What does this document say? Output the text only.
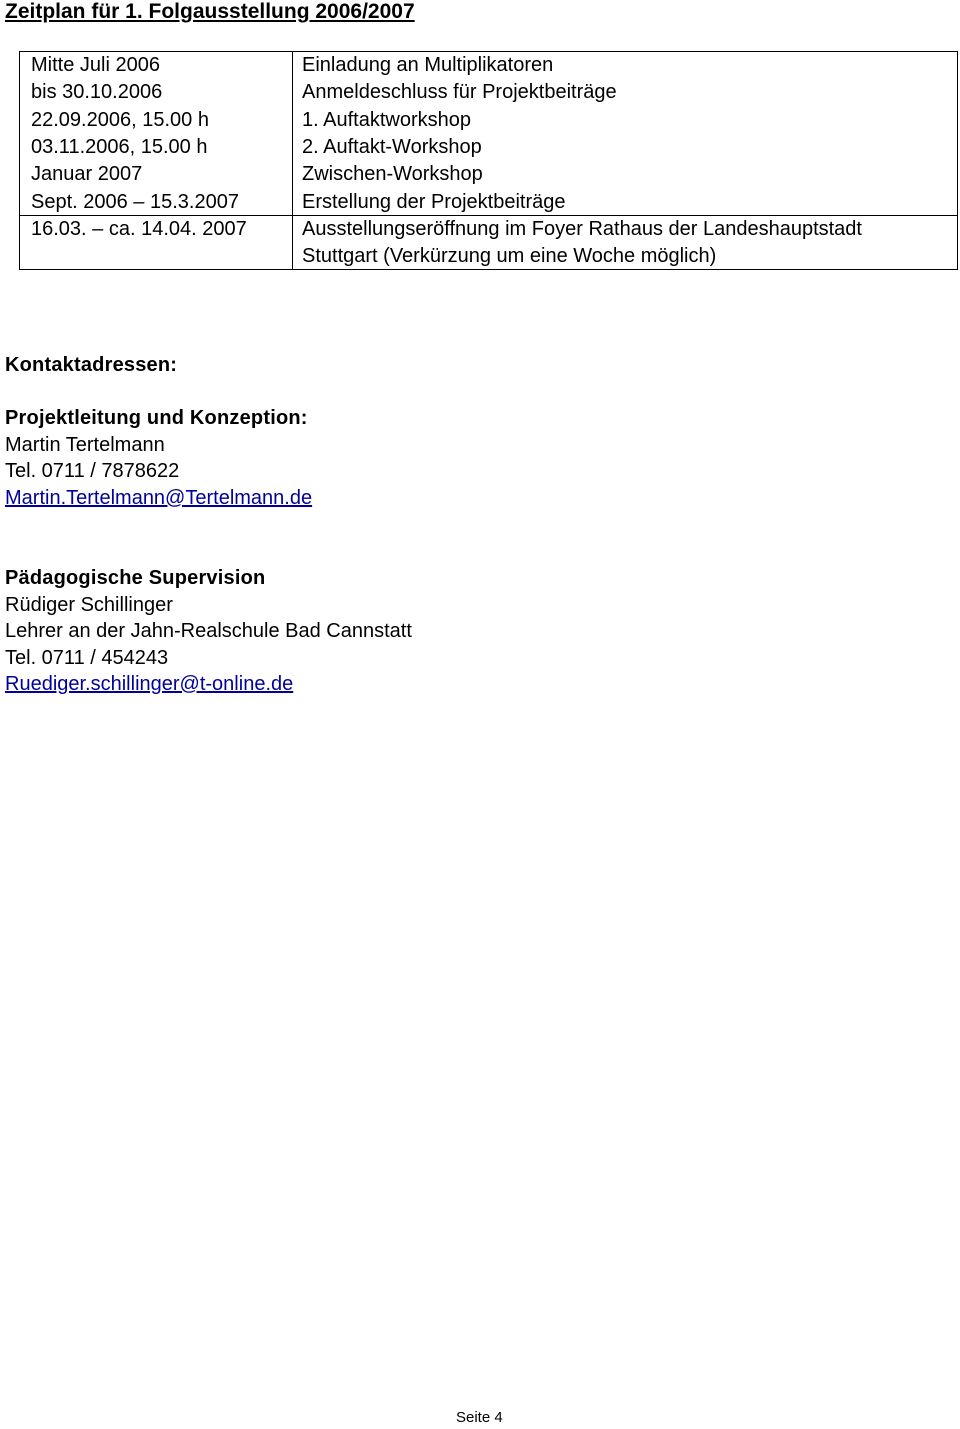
Zeitplan für 1. Folgausstellung 2006/2007
Mitte Juli 2006	Einladung an Multiplikatoren
bis 30.10.2006	Anmeldeschluss für Projektbeiträge
22.09.2006, 15.00 h	1. Auftaktworkshop
03.11.2006, 15.00 h	2. Auftakt-Workshop
Januar 2007	Zwischen-Workshop
Sept. 2006 – 15.3.2007	Erstellung der Projektbeiträge
16.03. – ca. 14.04. 2007	Ausstellungseröffnung im Foyer Rathaus der Landeshauptstadt
Stuttgart (Verkürzung um eine Woche möglich)
Kontaktadressen:
Projektleitung und Konzeption:
Martin Tertelmann
Tel. 0711 / 7878622
Martin.Tertelmann@Tertelmann.de
Pädagogische Supervision
Rüdiger Schillinger
Lehrer an der Jahn-Realschule Bad Cannstatt
Tel. 0711 / 454243
Ruediger.schillinger@t-online.de
Seite 4
